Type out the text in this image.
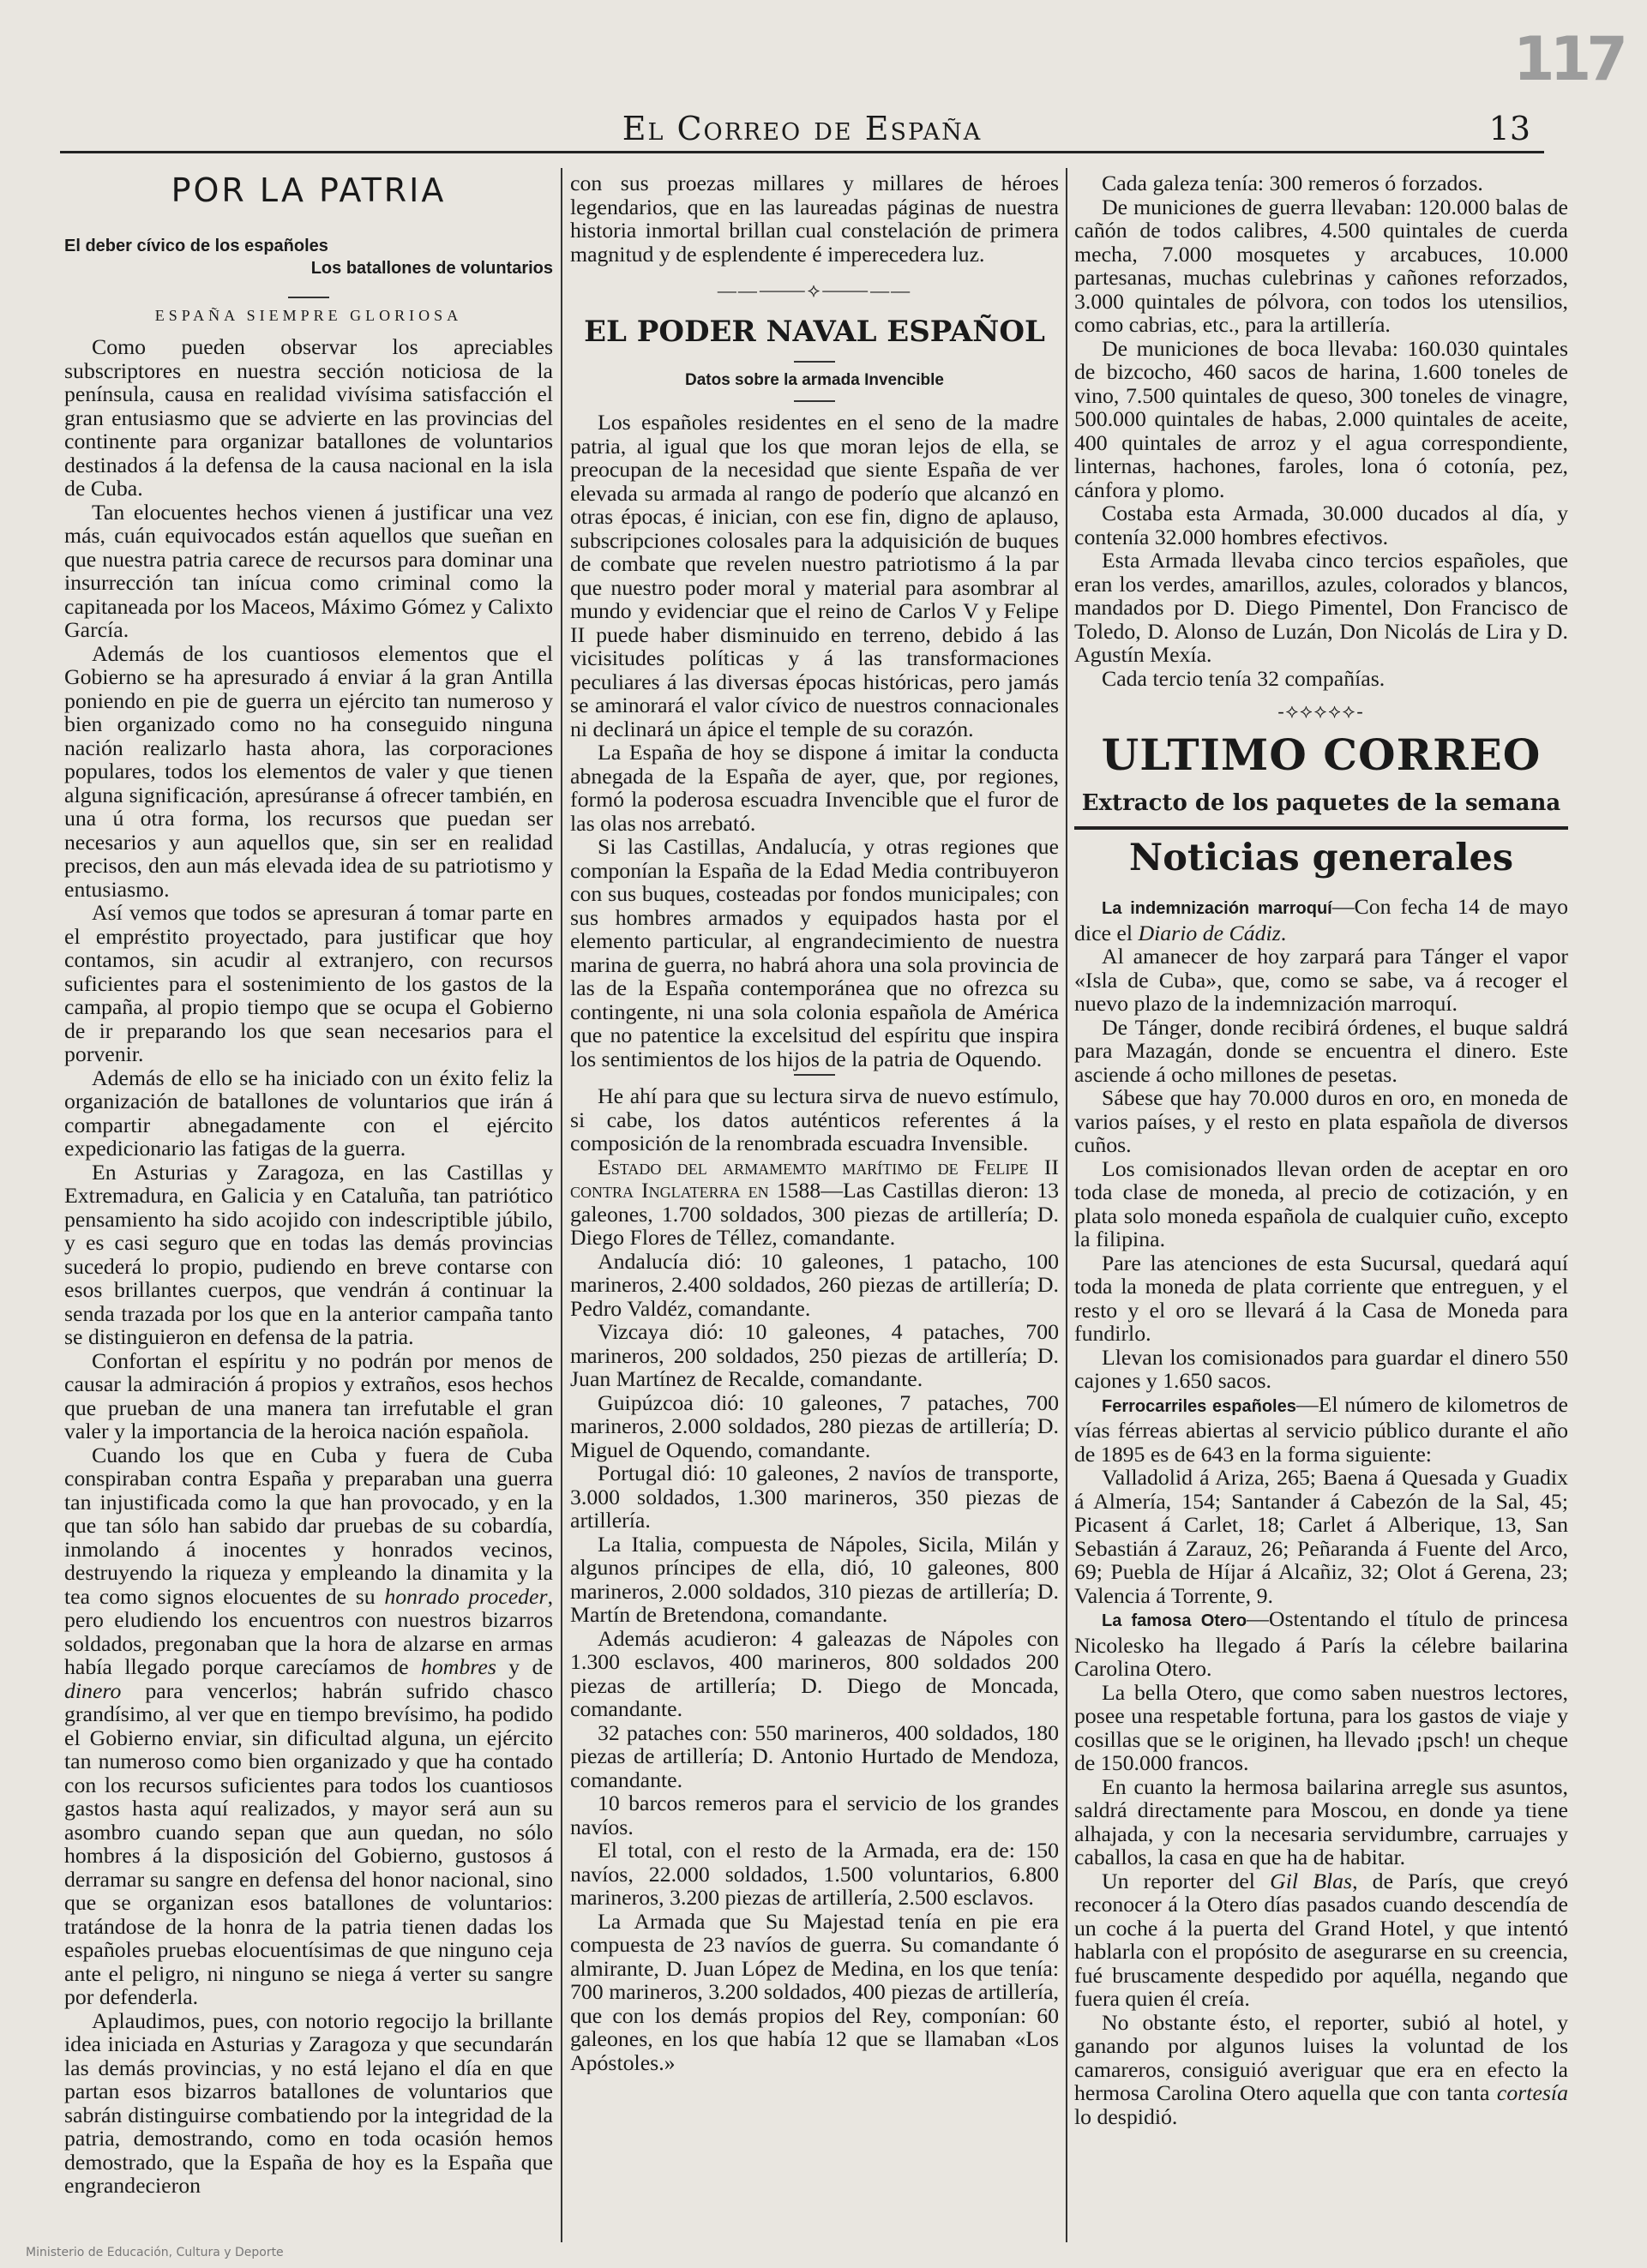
117
El Correo de España	13
POR LA PATRIA
El deber cívico de los españoles
Los batallones de voluntarios
ESPAÑA SIEMPRE GLORIOSA

Como pueden observar los apreciables subscriptores en nuestra sección noticiosa de la península, causa en realidad vivísima satisfacción el gran entusiasmo que se advierte en las provincias del continente para organizar batallones de voluntarios destinados á la defensa de la causa nacional en la isla de Cuba.

Tan elocuentes hechos vienen á justificar una vez más, cuán equivocados están aquellos que sueñan en que nuestra patria carece de recursos para dominar una insurrección tan inícua como criminal como la capitaneada por los Maceos, Máximo Gómez y Calixto García.

Además de los cuantiosos elementos que el Gobierno se ha apresurado á enviar á la gran Antilla poniendo en pie de guerra un ejército tan numeroso y bien organizado como no ha conseguido ninguna nación realizarlo hasta ahora, las corporaciones populares, todos los elementos de valer y que tienen alguna significación, apresúranse á ofrecer también, en una ú otra forma, los recursos que puedan ser necesarios y aun aquellos que, sin ser en realidad precisos, den aun más elevada idea de su patriotismo y entusiasmo.

Así vemos que todos se apresuran á tomar parte en el empréstito proyectado, para justificar que hoy contamos, sin acudir al extranjero, con recursos suficientes para el sostenimiento de los gastos de la campaña, al propio tiempo que se ocupa el Gobierno de ir preparando los que sean necesarios para el porvenir.

Además de ello se ha iniciado con un éxito feliz la organización de batallones de voluntarios que irán á compartir abnegadamente con el ejército expedicionario las fatigas de la guerra.

En Asturias y Zaragoza, en las Castillas y Extremadura, en Galicia y en Cataluña, tan patriótico pensamiento ha sido acojido con indescriptible júbilo, y es casi seguro que en todas las demás provincias sucederá lo propio, pudiendo en breve contarse con esos brillantes cuerpos, que vendrán á continuar la senda trazada por los que en la anterior campaña tanto se distinguieron en defensa de la patria.

Confortan el espíritu y no podrán por menos de causar la admiración á propios y extraños, esos hechos que prueban de una manera tan irrefutable el gran valer y la importancia de la heroica nación española.

Cuando los que en Cuba y fuera de Cuba conspiraban contra España y preparaban una guerra tan injustificada como la que han provocado, y en la que tan sólo han sabido dar pruebas de su cobardía, inmolando á inocentes y honrados vecinos, destruyendo la riqueza y empleando la dinamita y la tea como signos elocuentes de su honrado proceder, pero eludiendo los encuentros con nuestros bizarros soldados, pregonaban que la hora de alzarse en armas había llegado porque carecíamos de hombres y de dinero para vencerlos; habrán sufrido chasco grandísimo, al ver que en tiempo brevísimo, ha podido el Gobierno enviar, sin dificultad alguna, un ejército tan numeroso como bien organizado y que ha contado con los recursos suficientes para todos los cuantiosos gastos hasta aquí realizados, y mayor será aun su asombro cuando sepan que aun quedan, no sólo hombres á la disposición del Gobierno, gustosos á derramar su sangre en defensa del honor nacional, sino que se organizan esos batallones de voluntarios: tratándose de la honra de la patria tienen dadas los españoles pruebas elocuentísimas de que ninguno ceja ante el peligro, ni ninguno se niega á verter su sangre por defenderla.

Aplaudimos, pues, con notorio regocijo la brillante idea iniciada en Asturias y Zaragoza y que secundarán las demás provincias, y no está lejano el día en que partan esos bizarros batallones de voluntarios que sabrán distinguirse combatiendo por la integridad de la patria, demostrando, como en toda ocasión hemos demostrado, que la España de hoy es la España que engrandecieron

con sus proezas millares y millares de héroes legendarios, que en las laureadas páginas de nuestra historia inmortal brillan cual constelación de primera magnitud y de esplendente é imperecedera luz.

——⸻⟡⸻——
EL PODER NAVAL ESPAÑOL
Datos sobre la armada Invencible

Los españoles residentes en el seno de la madre patria, al igual que los que moran lejos de ella, se preocupan de la necesidad que siente España de ver elevada su armada al rango de poderío que alcanzó en otras épocas, é inician, con ese fin, digno de aplauso, subscripciones colosales para la adquisición de buques de combate que revelen nuestro patriotismo á la par que nuestro poder moral y material para asombrar al mundo y evidenciar que el reino de Carlos V y Felipe II puede haber disminuido en terreno, debido á las vicisitudes políticas y á las transformaciones peculiares á las diversas épocas históricas, pero jamás se aminorará el valor cívico de nuestros connacionales ni declinará un ápice el temple de su corazón.

La España de hoy se dispone á imitar la conducta abnegada de la España de ayer, que, por regiones, formó la poderosa escuadra Invencible que el furor de las olas nos arrebató.

Si las Castillas, Andalucía, y otras regiones que componían la España de la Edad Media contribuyeron con sus buques, costeadas por fondos municipales; con sus hombres armados y equipados hasta por el elemento particular, al engrandecimiento de nuestra marina de guerra, no habrá ahora una sola provincia de las de la España contemporánea que no ofrezca su contingente, ni una sola colonia española de América que no patentice la excelsitud del espíritu que inspira los sentimientos de los hijos de la patria de Oquendo.

He ahí para que su lectura sirva de nuevo estímulo, si cabe, los datos auténticos referentes á la composición de la renombrada escuadra Invensible.

Estado del armamemto marítimo de Felipe II contra Inglaterra en 1588—Las Castillas dieron: 13 galeones, 1.700 soldados, 300 piezas de artillería; D. Diego Flores de Téllez, comandante.

Andalucía dió: 10 galeones, 1 patacho, 100 marineros, 2.400 soldados, 260 piezas de artillería; D. Pedro Valdéz, comandante.

Vizcaya dió: 10 galeones, 4 pataches, 700 marineros, 200 soldados, 250 piezas de artillería; D. Juan Martínez de Recalde, comandante.

Guipúzcoa dió: 10 galeones, 7 pataches, 700 marineros, 2.000 soldados, 280 piezas de artillería; D. Miguel de Oquendo, comandante.

Portugal dió: 10 galeones, 2 navíos de transporte, 3.000 soldados, 1.300 marineros, 350 piezas de artillería.

La Italia, compuesta de Nápoles, Sicila, Milán y algunos príncipes de ella, dió, 10 galeones, 800 marineros, 2.000 soldados, 310 piezas de artillería; D. Martín de Bretendona, comandante.

Además acudieron: 4 galeazas de Nápoles con 1.300 esclavos, 400 marineros, 800 soldados 200 piezas de artillería; D. Diego de Moncada, comandante.

32 pataches con: 550 marineros, 400 soldados, 180 piezas de artillería; D. Antonio Hurtado de Mendoza, comandante.

10 barcos remeros para el servicio de los grandes navíos.

El total, con el resto de la Armada, era de: 150 navíos, 22.000 soldados, 1.500 voluntarios, 6.800 marineros, 3.200 piezas de artillería, 2.500 esclavos.

La Armada que Su Majestad tenía en pie era compuesta de 23 navíos de guerra. Su comandante ó almirante, D. Juan López de Medina, en los que tenía: 700 marineros, 3.200 soldados, 400 piezas de artillería, que con los demás propios del Rey, componían: 60 galeones, en los que había 12 que se llamaban «Los Apóstoles.»

Cada galeza tenía: 300 remeros ó forzados.

De municiones de guerra llevaban: 120.000 balas de cañón de todos calibres, 4.500 quintales de cuerda mecha, 7.000 mosquetes y arcabuces, 10.000 partesanas, muchas culebrinas y cañones reforzados, 3.000 quintales de pólvora, con todos los utensilios, como cabrias, etc., para la artillería.

De municiones de boca llevaba: 160.030 quintales de bizcocho, 460 sacos de harina, 1.600 toneles de vino, 7.500 quintales de queso, 300 toneles de vinagre, 500.000 quintales de habas, 2.000 quintales de aceite, 400 quintales de arroz y el agua correspondiente, linternas, hachones, faroles, lona ó cotonía, pez, cánfora y plomo.

Costaba esta Armada, 30.000 ducados al día, y contenía 32.000 hombres efectivos.

Esta Armada llevaba cinco tercios españoles, que eran los verdes, amarillos, azules, colorados y blancos, mandados por D. Diego Pimentel, Don Francisco de Toledo, D. Alonso de Luzán, Don Nicolás de Lira y D. Agustín Mexía.

Cada tercio tenía 32 compañías.

-⟡⟡⟡⟡⟡-
ULTIMO CORREO
Extracto de los paquetes de la semana
Noticias generales

La indemnización marroquí—Con fecha 14 de mayo dice el Diario de Cádiz.

Al amanecer de hoy zarpará para Tánger el vapor «Isla de Cuba», que, como se sabe, va á recoger el nuevo plazo de la indemnización marroquí.

De Tánger, donde recibirá órdenes, el buque saldrá para Mazagán, donde se encuentra el dinero. Este asciende á ocho millones de pesetas.

Sábese que hay 70.000 duros en oro, en moneda de varios países, y el resto en plata española de diversos cuños.

Los comisionados llevan orden de aceptar en oro toda clase de moneda, al precio de cotización, y en plata solo moneda española de cualquier cuño, excepto la filipina.

Pare las atenciones de esta Sucursal, quedará aquí toda la moneda de plata corriente que entreguen, y el resto y el oro se llevará á la Casa de Moneda para fundirlo.

Llevan los comisionados para guardar el dinero 550 cajones y 1.650 sacos.

Ferrocarriles españoles—El número de kilometros de vías férreas abiertas al servicio público durante el año de 1895 es de 643 en la forma siguiente:

Valladolid á Ariza, 265; Baena á Quesada y Guadix á Almería, 154; Santander á Cabezón de la Sal, 45; Picasent á Carlet, 18; Carlet á Alberique, 13, San Sebastián á Zarauz, 26; Peñaranda á Fuente del Arco, 69; Puebla de Híjar á Alcañiz, 32; Olot á Gerena, 23; Valencia á Torrente, 9.

La famosa Otero—Ostentando el título de princesa Nicolesko ha llegado á París la célebre bailarina Carolina Otero.

La bella Otero, que como saben nuestros lectores, posee una respetable fortuna, para los gastos de viaje y cosillas que se le originen, ha llevado ¡psch! un cheque de 150.000 francos.

En cuanto la hermosa bailarina arregle sus asuntos, saldrá directamente para Moscou, en donde ya tiene alhajada, y con la necesaria servidumbre, carruajes y caballos, la casa en que ha de habitar.

Un reporter del Gil Blas, de París, que creyó reconocer á la Otero días pasados cuando descendía de un coche á la puerta del Grand Hotel, y que intentó hablarla con el propósito de asegurarse en su creencia, fué bruscamente despedido por aquélla, negando que fuera quien él creía.

No obstante ésto, el reporter, subió al hotel, y ganando por algunos luises la voluntad de los camareros, consiguió averiguar que era en efecto la hermosa Carolina Otero aquella que con tanta cortesía lo despidió.

Ministerio de Educación, Cultura y Deporte
